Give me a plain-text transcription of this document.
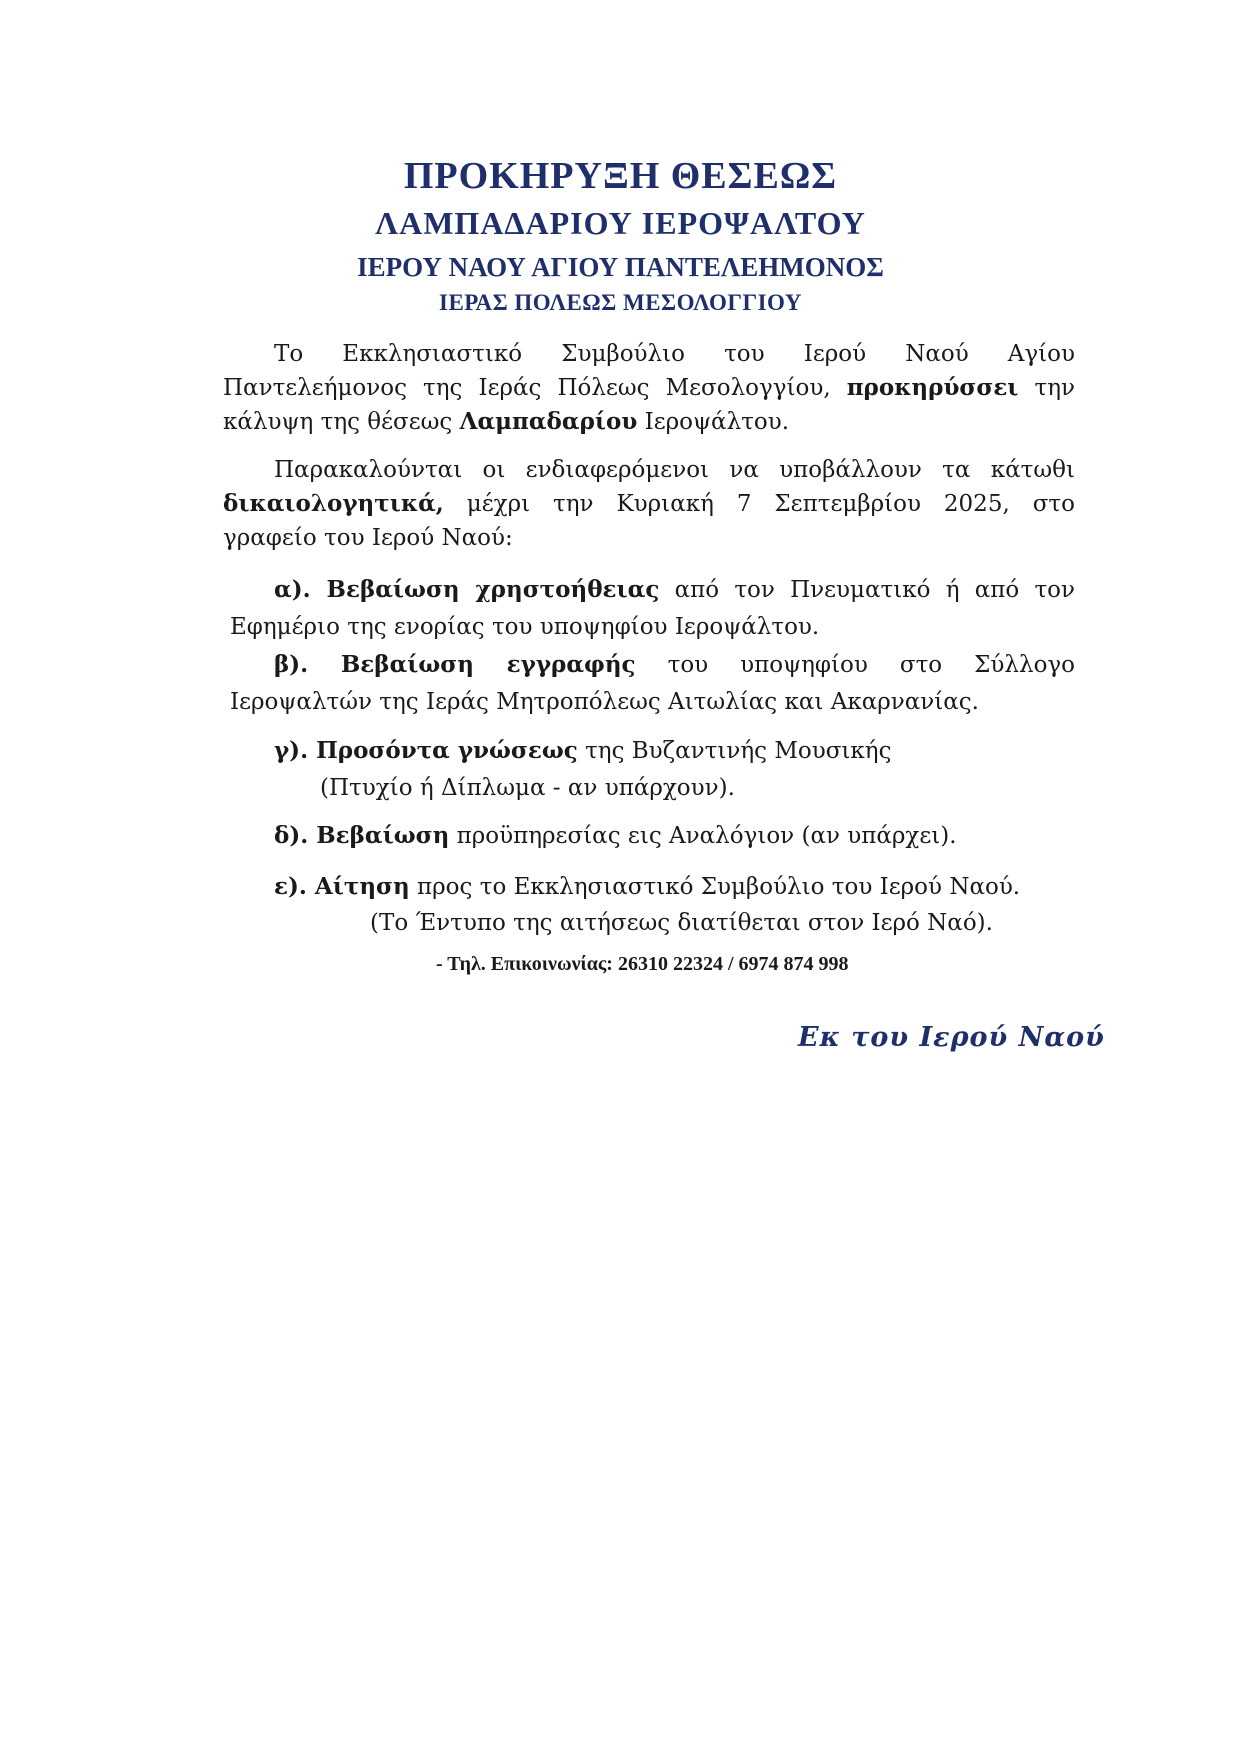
ΠΡΟΚΗΡΥΞΗ ΘΕΣΕΩΣ
ΛΑΜΠΑΔΑΡΙΟΥ ΙΕΡΟΨΑΛΤΟΥ
ΙΕΡΟΥ ΝΑΟΥ ΑΓΙΟΥ ΠΑΝΤΕΛΕΗΜΟΝΟΣ
ΙΕΡΑΣ ΠΟΛΕΩΣ ΜΕΣΟΛΟΓΓΙΟΥ
Το Εκκλησιαστικό Συμβούλιο του Ιερού Ναού Αγίου
Παντελεήμονος της Ιεράς Πόλεως Μεσολογγίου, προκηρύσσει την
κάλυψη της θέσεως Λαμπαδαρίου Ιεροψάλτου.
Παρακαλούνται οι ενδιαφερόμενοι να υποβάλλουν τα κάτωθι
δικαιολογητικά, μέχρι την Κυριακή 7 Σεπτεμβρίου 2025, στο
γραφείο του Ιερού Ναού:
α). Βεβαίωση χρηστοήθειας από τον Πνευματικό ή από τον
Εφημέριο της ενορίας του υποψηφίου Ιεροψάλτου.
β). Βεβαίωση εγγραφής του υποψηφίου στο Σύλλογο
Ιεροψαλτών της Ιεράς Μητροπόλεως Αιτωλίας και Ακαρνανίας.
γ). Προσόντα γνώσεως της Βυζαντινής Μουσικής
(Πτυχίο ή Δίπλωμα - αν υπάρχουν).
δ). Βεβαίωση προϋπηρεσίας εις Αναλόγιον (αν υπάρχει).
ε). Αίτηση προς το Εκκλησιαστικό Συμβούλιο του Ιερού Ναού.
(Το Έντυπο της αιτήσεως διατίθεται στον Ιερό Ναό).
- Τηλ. Επικοινωνίας: 26310 22324 / 6974 874 998
Εκ του Ιερού Ναού
